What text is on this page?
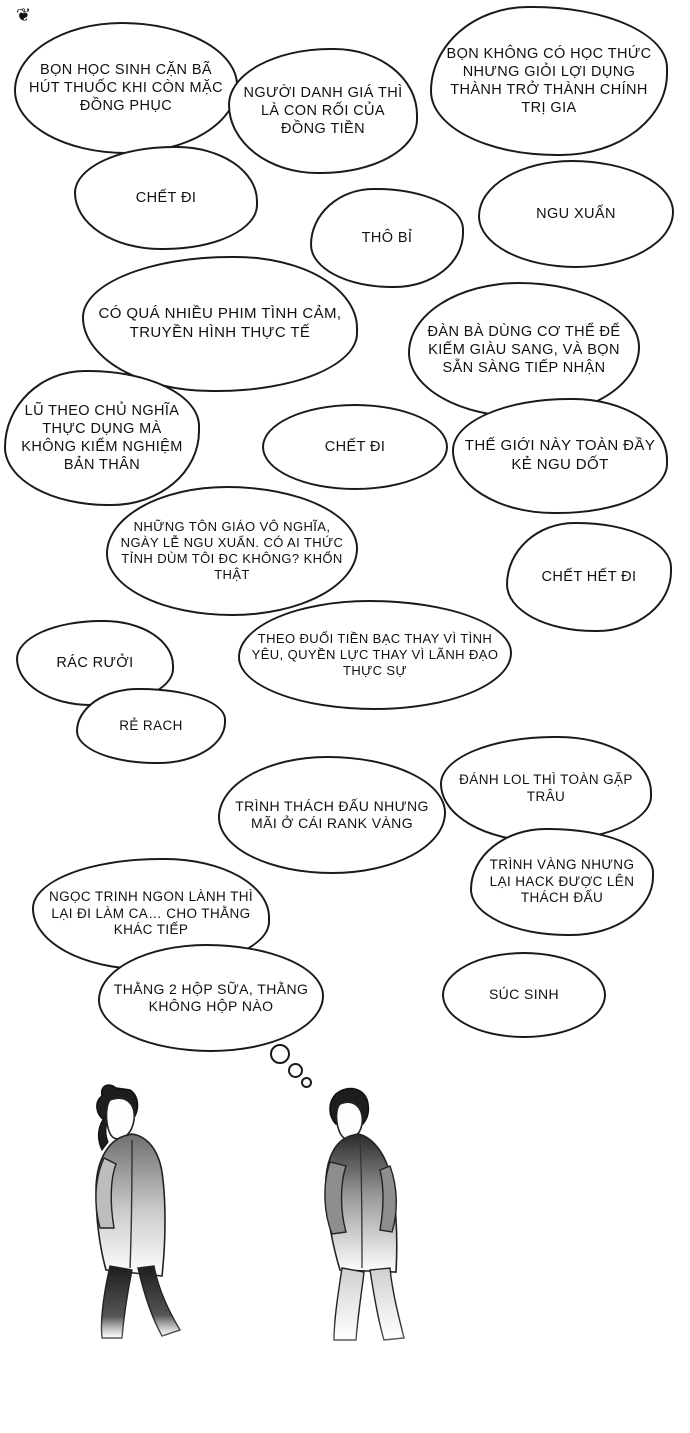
❦
BỌN HỌC SINH CẶN BÃ HÚT THUỐC KHI CÒN MẶC ĐỒNG PHỤC
NGƯỜI DANH GIÁ THÌ LÀ CON RỐI CỦA ĐỒNG TIỀN
BỌN KHÔNG CÓ HỌC THỨC NHƯNG GIỎI LỢI DỤNG THÀNH TRỞ THÀNH CHÍNH TRỊ GIA
CHẾT ĐI
NGU XUẨN
THÔ BỈ
CÓ QUÁ NHIỀU PHIM TÌNH CẢM, TRUYỀN HÌNH THỰC TẾ	ĐÀN BÀ DÙNG CƠ THỂ ĐỂ KIẾM GIÀU SANG, VÀ BỌN SẴN SÀNG TIẾP NHẬN
LŨ THEO CHỦ NGHĨA THỰC DỤNG MÀ KHÔNG KIỂM NGHIỆM BẢN THÂN
CHẾT ĐI	THẾ GIỚI NÀY TOÀN ĐẦY KẺ NGU DỐT
NHỮNG TÔN GIÁO VÔ NGHĨA, NGÀY LỄ NGU XUẨN. CÓ AI THỨC TỈNH DÙM TÔI ĐC KHÔNG? KHỔN THẬT	CHẾT HẾT ĐI
RÁC RƯỞI
THEO ĐUỔI TIỀN BẠC THAY VÌ TÌNH YÊU, QUYỀN LỰC THAY VÌ LÃNH ĐẠO THỰC SỰ
RẺ RACH
ĐÁNH LOL THÌ TOÀN GẶP TRÂU
TRÌNH THÁCH ĐẤU NHƯNG MÃI Ở CÁI RANK VÀNG
TRÌNH VÀNG NHƯNG LẠI HACK ĐƯỢC LÊN THÁCH ĐẤU
NGỌC TRINH NGON LÀNH THÌ LẠI ĐI LÀM CA… CHO THẰNG KHÁC TIẾP
THẰNG 2 HỘP SỮA, THẰNG KHÔNG HỘP NÀO
SÚC SINH
